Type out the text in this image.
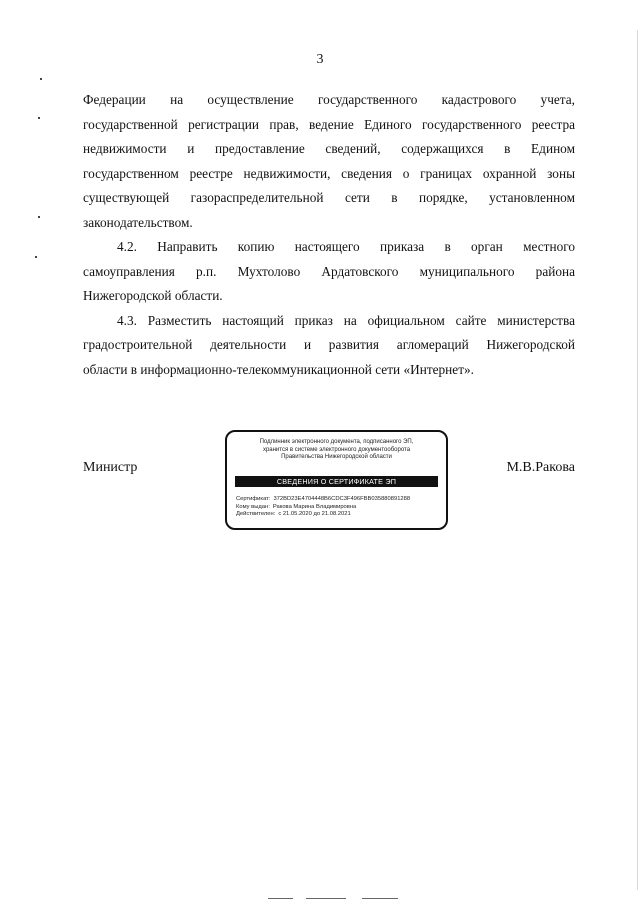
3

Федерации на осуществление государственного кадастрового учета,
государственной регистрации прав, ведение Единого государственного реестра
недвижимости и предоставление сведений, содержащихся в Едином
государственном реестре недвижимости, сведения о границах охранной зоны
существующей газораспределительной сети в порядке, установленном
законодательством.

4.2. Направить копию настоящего приказа в орган местного
самоуправления р.п. Мухтолово Ардатовского муниципального района
Нижегородской области.

4.3. Разместить настоящий приказ на официальном сайте министерства
градостроительной деятельности и развития агломераций Нижегородской
области в информационно-телекоммуникационной сети «Интернет».

Министр	М.В.Ракова
Подлинник электронного документа, подписанного ЭП,
хранится в системе электронного документооборота
Правительства Нижегородской области
СВЕДЕНИЯ О СЕРТИФИКАТЕ ЭП
Сертификат: 372BD23E4704448B6CDC3F496FBB035880891288
Кому выдан: Ракова Марина Владимировна
Действителен: с 21.05.2020 до 21.08.2021
